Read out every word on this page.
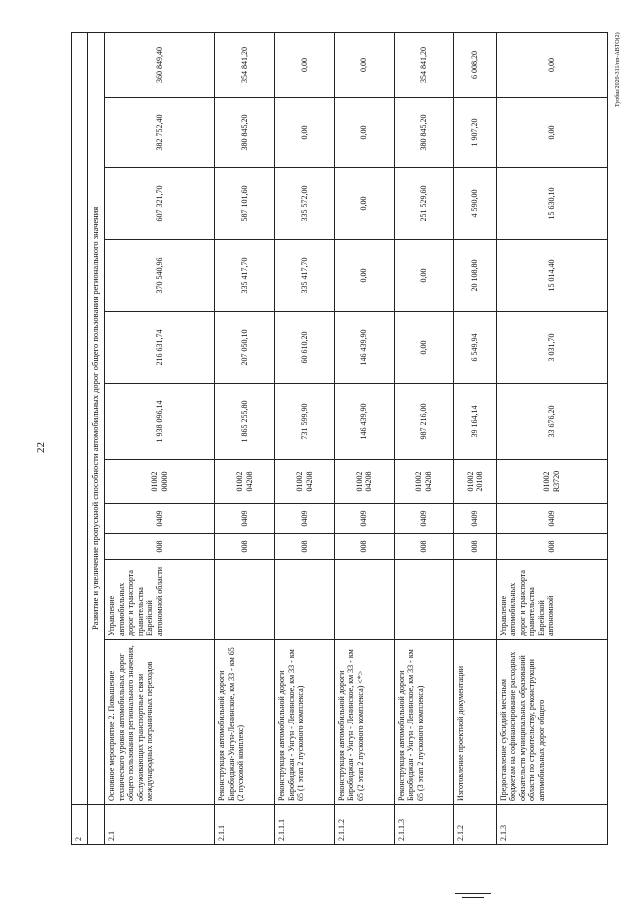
22
2											
	Развитие и увеличение пропускной способности автомобильных дорог общего пользования регионального значения										
2.1	Основное мероприятие 2. Повышение технического уровня автомобильных дорог общего пользования регионального значения, обслуживающих транспортные связи международных пограничных переходов	Управление автомобильных дорог и транспорта правительства Еврейской автономной области	008	0409	01002 00000	1 938 096,14	216 631,74	370 540,96	607 321,70	382 752,40	360 849,40
2.1.1	Реконструкция автомобильной дороги Биробиджан-Унгун-Ленинское, км 33 - км 65 (2 пусковой комплекс)		008	0409	01002 04208	1 865 255,80	207 050,10	335 417,70	587 101,60	380 845,20	354 841,20
2.1.1.1	Реконструкция автомобильной дороги Биробиджан - Унгун - Ленинское, км 33 - км 65 (1 этап 2 пускового комплекса)		008	0409	01002 04208	731 599,90	60 610,20	335 417,70	335 572,00	0,00	0,00
2.1.1.2	Реконструкция автомобильной дороги Биробиджан - Унгун - Ленинское, км 33 - км 65 (2 этап 2 пускового комплекса) <*>		008	0409	01002 04208	146 439,90	146 439,90	0,00	0,00	0,00	0,00
2.1.1.3	Реконструкция автомобильной дороги Биробиджан - Унгун - Ленинское, км 33 - км 65 (3 этап 2 пускового комплекса)		008	0409	01002 04208	987 216,00	0,00	0,00	251 529,60	380 845,20	354 841,20
2.1.2	Изготовление проектной документации		008	0409	01002 20108	39 164,14	6 549,94	20 108,80	4 590,00	1 907,20	6 008,20
2.1.3	Предоставление субсидий местным бюджетам на софинансирование расходных обязательств муниципальных образований области по строительству, реконструкции автомобильных дорог общего	Управление автомобильных дорог и транспорта правительства Еврейской автономной	008	0409	01002 R3720	33 676,20	3 031,70	15 014,40	15 630,10	0,00	0,00

Туобш/2020-311/пп-АВТО(2)											
